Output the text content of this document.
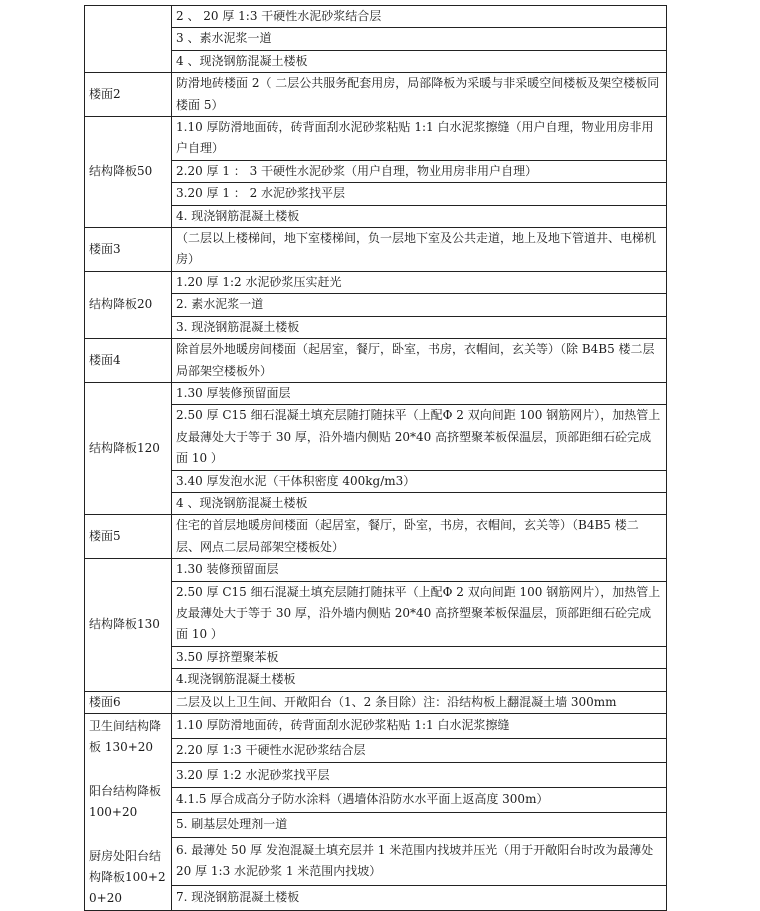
	2 、 20 厚 1:3 干硬性水泥砂浆结合层
	3 、素水泥浆一道
	4 、现浇钢筋混凝土楼板
楼面2	防滑地砖楼面 2（ 二层公共服务配套用房，局部降板为采暖与非采暖空间楼板及架空楼板同楼面 5）
结构降板50	1.10 厚防滑地面砖，砖背面刮水泥砂浆粘贴 1:1 白水泥浆擦缝（用户自理，物业用房非用户自理）
	2.20 厚 1 ： 3 干硬性水泥砂浆（用户自理，物业用房非用户自理）
	3.20 厚 1 ： 2 水泥砂浆找平层
	4. 现浇钢筋混凝土楼板
楼面3	（二层以上楼梯间，地下室楼梯间，负一层地下室及公共走道，地上及地下管道井、电梯机房）
结构降板20	1.20 厚 1:2 水泥砂浆压实赶光
	2. 素水泥浆一道
	3. 现浇钢筋混凝土楼板
楼面4	除首层外地暖房间楼面（起居室，餐厅，卧室，书房，衣帽间，玄关等）（除 B4B5 楼二层局部架空楼板外）
结构降板120	1.30 厚装修预留面层
	2.50 厚 C15 细石混凝土填充层随打随抹平（上配Φ 2 双向间距 100 钢筋网片），加热管上皮最薄处大于等于 30 厚，沿外墙内侧贴 20*40 高挤塑聚苯板保温层，顶部距细石砼完成面 10 ）
	3.40 厚发泡水泥（干体积密度 400kg/m3）
	4 、现浇钢筋混凝土楼板
楼面5	住宅的首层地暖房间楼面（起居室，餐厅，卧室，书房，衣帽间，玄关等）（B4B5 楼二层、网点二层局部架空楼板处）
结构降板130	1.30 装修预留面层
	2.50 厚 C15 细石混凝土填充层随打随抹平（上配Φ 2 双向间距 100 钢筋网片），加热管上皮最薄处大于等于 30 厚，沿外墙内侧贴 20*40 高挤塑聚苯板保温层，顶部距细石砼完成面 10 ）
	3.50 厚挤塑聚苯板
	4.现浇钢筋混凝土楼板
楼面6	二层及以上卫生间、开敞阳台（1、2 条目除）注：沿结构板上翻混凝土墙 300mm

卫生间结构降板 130+20
阳台结构降板 100+20
厨房处阳台结构降板100+20+20	1.10 厚防滑地面砖，砖背面刮水泥砂浆粘贴 1:1 白水泥浆擦缝
	2.20 厚 1:3 干硬性水泥砂浆结合层
	3.20 厚 1:2 水泥砂浆找平层
	4.1.5 厚合成高分子防水涂料（遇墙体沿防水水平面上返高度 300m）
	5. 刷基层处理剂一道
	6. 最薄处 50 厚 发泡混凝土填充层并 1 米范围内找坡并压光（用于开敞阳台时改为最薄处 20 厚 1:3 水泥砂浆 1 米范围内找坡）
	7. 现浇钢筋混凝土楼板
